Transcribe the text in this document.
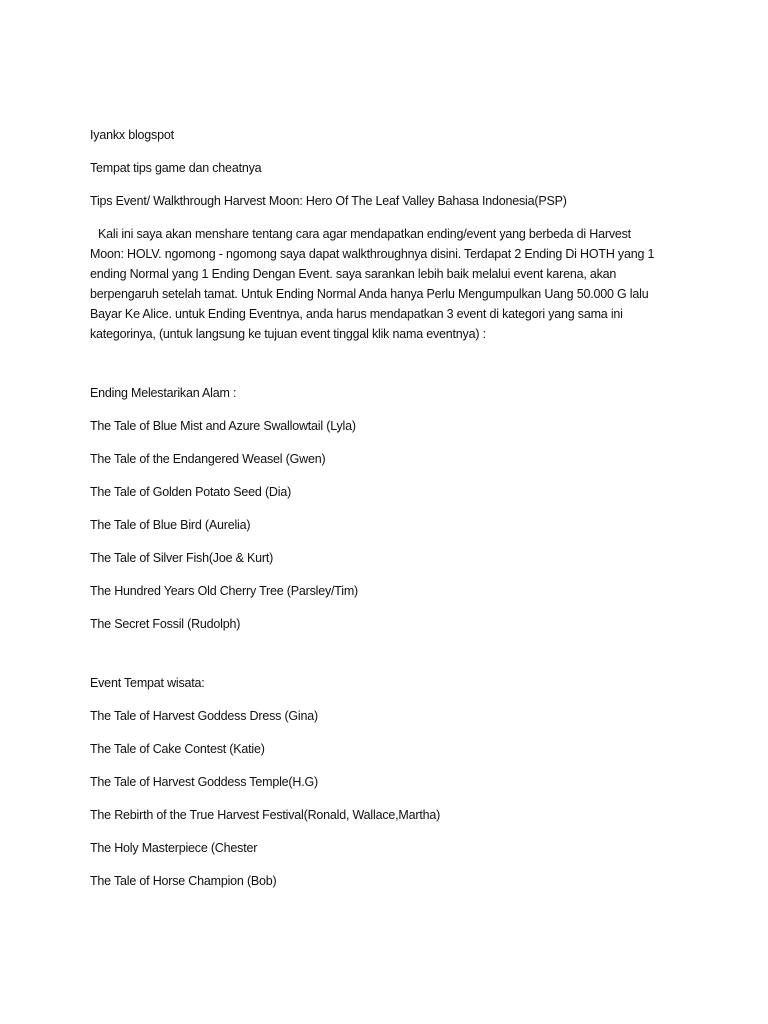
Iyankx blogspot

Tempat tips game dan cheatnya

Tips Event/ Walkthrough Harvest Moon: Hero Of The Leaf Valley Bahasa Indonesia(PSP)

Kali ini saya akan menshare tentang cara agar mendapatkan ending/event yang berbeda di Harvest

Moon: HOLV. ngomong - ngomong saya dapat walkthroughnya disini. Terdapat 2 Ending Di HOTH yang 1

ending Normal yang 1 Ending Dengan Event. saya sarankan lebih baik melalui event karena, akan

berpengaruh setelah tamat. Untuk Ending Normal Anda hanya Perlu Mengumpulkan Uang 50.000 G lalu

Bayar Ke Alice. untuk Ending Eventnya, anda harus mendapatkan 3 event di kategori yang sama ini

kategorinya, (untuk langsung ke tujuan event tinggal klik nama eventnya) :

Ending Melestarikan Alam :

The Tale of Blue Mist and Azure Swallowtail (Lyla)

The Tale of the Endangered Weasel (Gwen)

The Tale of Golden Potato Seed (Dia)

The Tale of Blue Bird (Aurelia)

The Tale of Silver Fish(Joe & Kurt)

The Hundred Years Old Cherry Tree (Parsley/Tim)

The Secret Fossil (Rudolph)

Event Tempat wisata:

The Tale of Harvest Goddess Dress (Gina)

The Tale of Cake Contest (Katie)

The Tale of Harvest Goddess Temple(H.G)

The Rebirth of the True Harvest Festival(Ronald, Wallace,Martha)

The Holy Masterpiece (Chester

The Tale of Horse Champion (Bob)
